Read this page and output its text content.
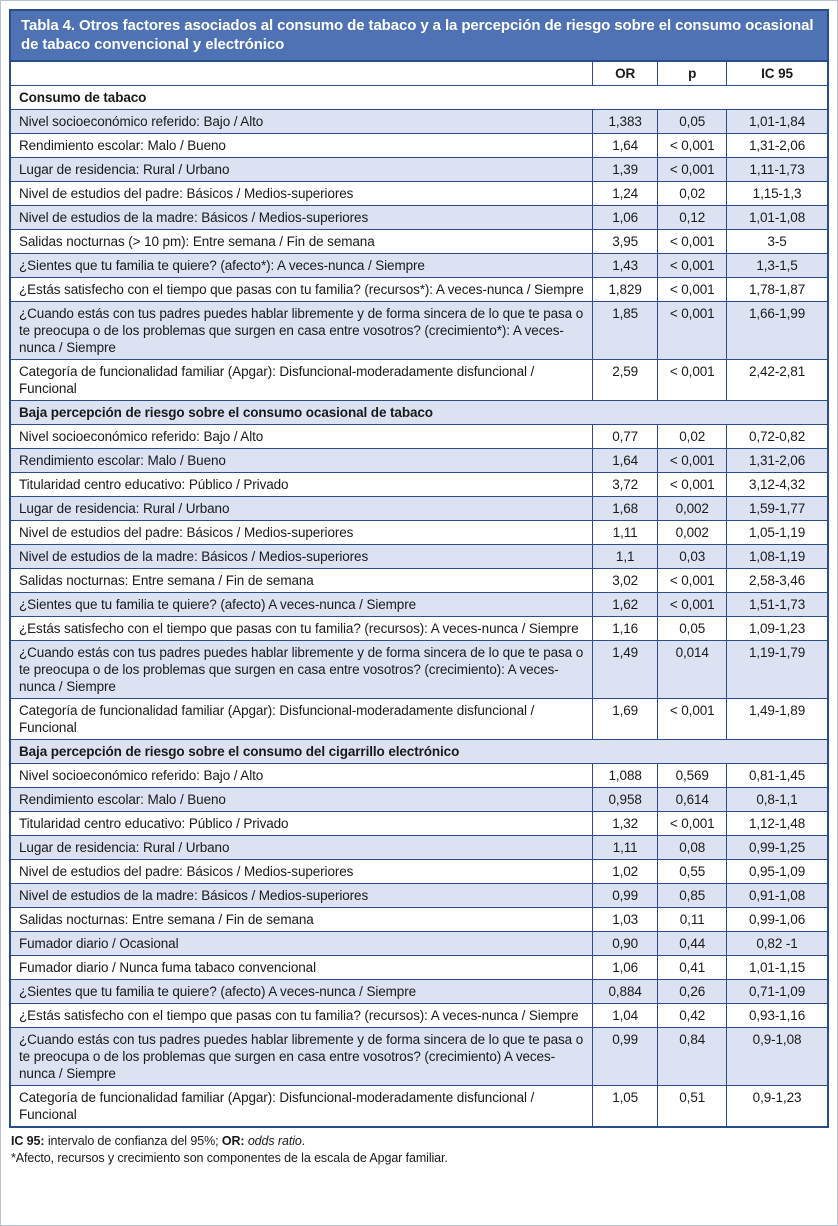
Tabla 4. Otros factores asociados al consumo de tabaco y a la percepción de riesgo sobre el consumo ocasional de tabaco convencional y electrónico
	OR	p	IC 95
Consumo de tabaco			
Nivel socioeconómico referido: Bajo / Alto	1,383	0,05	1,01-1,84
Rendimiento escolar: Malo / Bueno	1,64	< 0,001	1,31-2,06
Lugar de residencia: Rural / Urbano	1,39	< 0,001	1,11-1,73
Nivel de estudios del padre: Básicos / Medios-superiores	1,24	0,02	1,15-1,3
Nivel de estudios de la madre: Básicos / Medios-superiores	1,06	0,12	1,01-1,08
Salidas nocturnas (> 10 pm): Entre semana / Fin de semana	3,95	< 0,001	3-5
¿Sientes que tu familia te quiere? (afecto*): A veces-nunca / Siempre	1,43	< 0,001	1,3-1,5
¿Estás satisfecho con el tiempo que pasas con tu familia? (recursos*): A veces-nunca / Siempre	1,829	< 0,001	1,78-1,87
¿Cuando estás con tus padres puedes hablar libremente y de forma sincera de lo que te pasa o te preocupa o de los problemas que surgen en casa entre vosotros? (crecimiento*): A veces-nunca / Siempre	1,85	< 0,001	1,66-1,99
Categoría de funcionalidad familiar (Apgar): Disfuncional-moderadamente disfuncional / Funcional	2,59	< 0,001	2,42-2,81
Baja percepción de riesgo sobre el consumo ocasional de tabaco			
Nivel socioeconómico referido: Bajo / Alto	0,77	0,02	0,72-0,82
Rendimiento escolar: Malo / Bueno	1,64	< 0,001	1,31-2,06
Titularidad centro educativo: Público / Privado	3,72	< 0,001	3,12-4,32
Lugar de residencia: Rural / Urbano	1,68	0,002	1,59-1,77
Nivel de estudios del padre: Básicos / Medios-superiores	1,11	0,002	1,05-1,19
Nivel de estudios de la madre: Básicos / Medios-superiores	1,1	0,03	1,08-1,19
Salidas nocturnas: Entre semana / Fin de semana	3,02	< 0,001	2,58-3,46
¿Sientes que tu familia te quiere? (afecto) A veces-nunca / Siempre	1,62	< 0,001	1,51-1,73
¿Estás satisfecho con el tiempo que pasas con tu familia? (recursos): A veces-nunca / Siempre	1,16	0,05	1,09-1,23
¿Cuando estás con tus padres puedes hablar libremente y de forma sincera de lo que te pasa o te preocupa o de los problemas que surgen en casa entre vosotros? (crecimiento): A veces-nunca / Siempre	1,49	0,014	1,19-1,79
Categoría de funcionalidad familiar (Apgar): Disfuncional-moderadamente disfuncional / Funcional	1,69	< 0,001	1,49-1,89
Baja percepción de riesgo sobre el consumo del cigarrillo electrónico			
Nivel socioeconómico referido: Bajo / Alto	1,088	0,569	0,81-1,45
Rendimiento escolar: Malo / Bueno	0,958	0,614	0,8-1,1
Titularidad centro educativo: Público / Privado	1,32	< 0,001	1,12-1,48
Lugar de residencia: Rural / Urbano	1,11	0,08	0,99-1,25
Nivel de estudios del padre: Básicos / Medios-superiores	1,02	0,55	0,95-1,09
Nivel de estudios de la madre: Básicos / Medios-superiores	0,99	0,85	0,91-1,08
Salidas nocturnas: Entre semana / Fin de semana	1,03	0,11	0,99-1,06
Fumador diario / Ocasional	0,90	0,44	0,82 -1
Fumador diario / Nunca fuma tabaco convencional	1,06	0,41	1,01-1,15
¿Sientes que tu familia te quiere? (afecto) A veces-nunca / Siempre	0,884	0,26	0,71-1,09
¿Estás satisfecho con el tiempo que pasas con tu familia? (recursos): A veces-nunca / Siempre	1,04	0,42	0,93-1,16
¿Cuando estás con tus padres puedes hablar libremente y de forma sincera de lo que te pasa o te preocupa o de los problemas que surgen en casa entre vosotros? (crecimiento) A veces-nunca / Siempre	0,99	0,84	0,9-1,08
Categoría de funcionalidad familiar (Apgar): Disfuncional-moderadamente disfuncional / Funcional	1,05	0,51	0,9-1,23
IC 95: intervalo de confianza del 95%; OR: odds ratio.
*Afecto, recursos y crecimiento son componentes de la escala de Apgar familiar.
